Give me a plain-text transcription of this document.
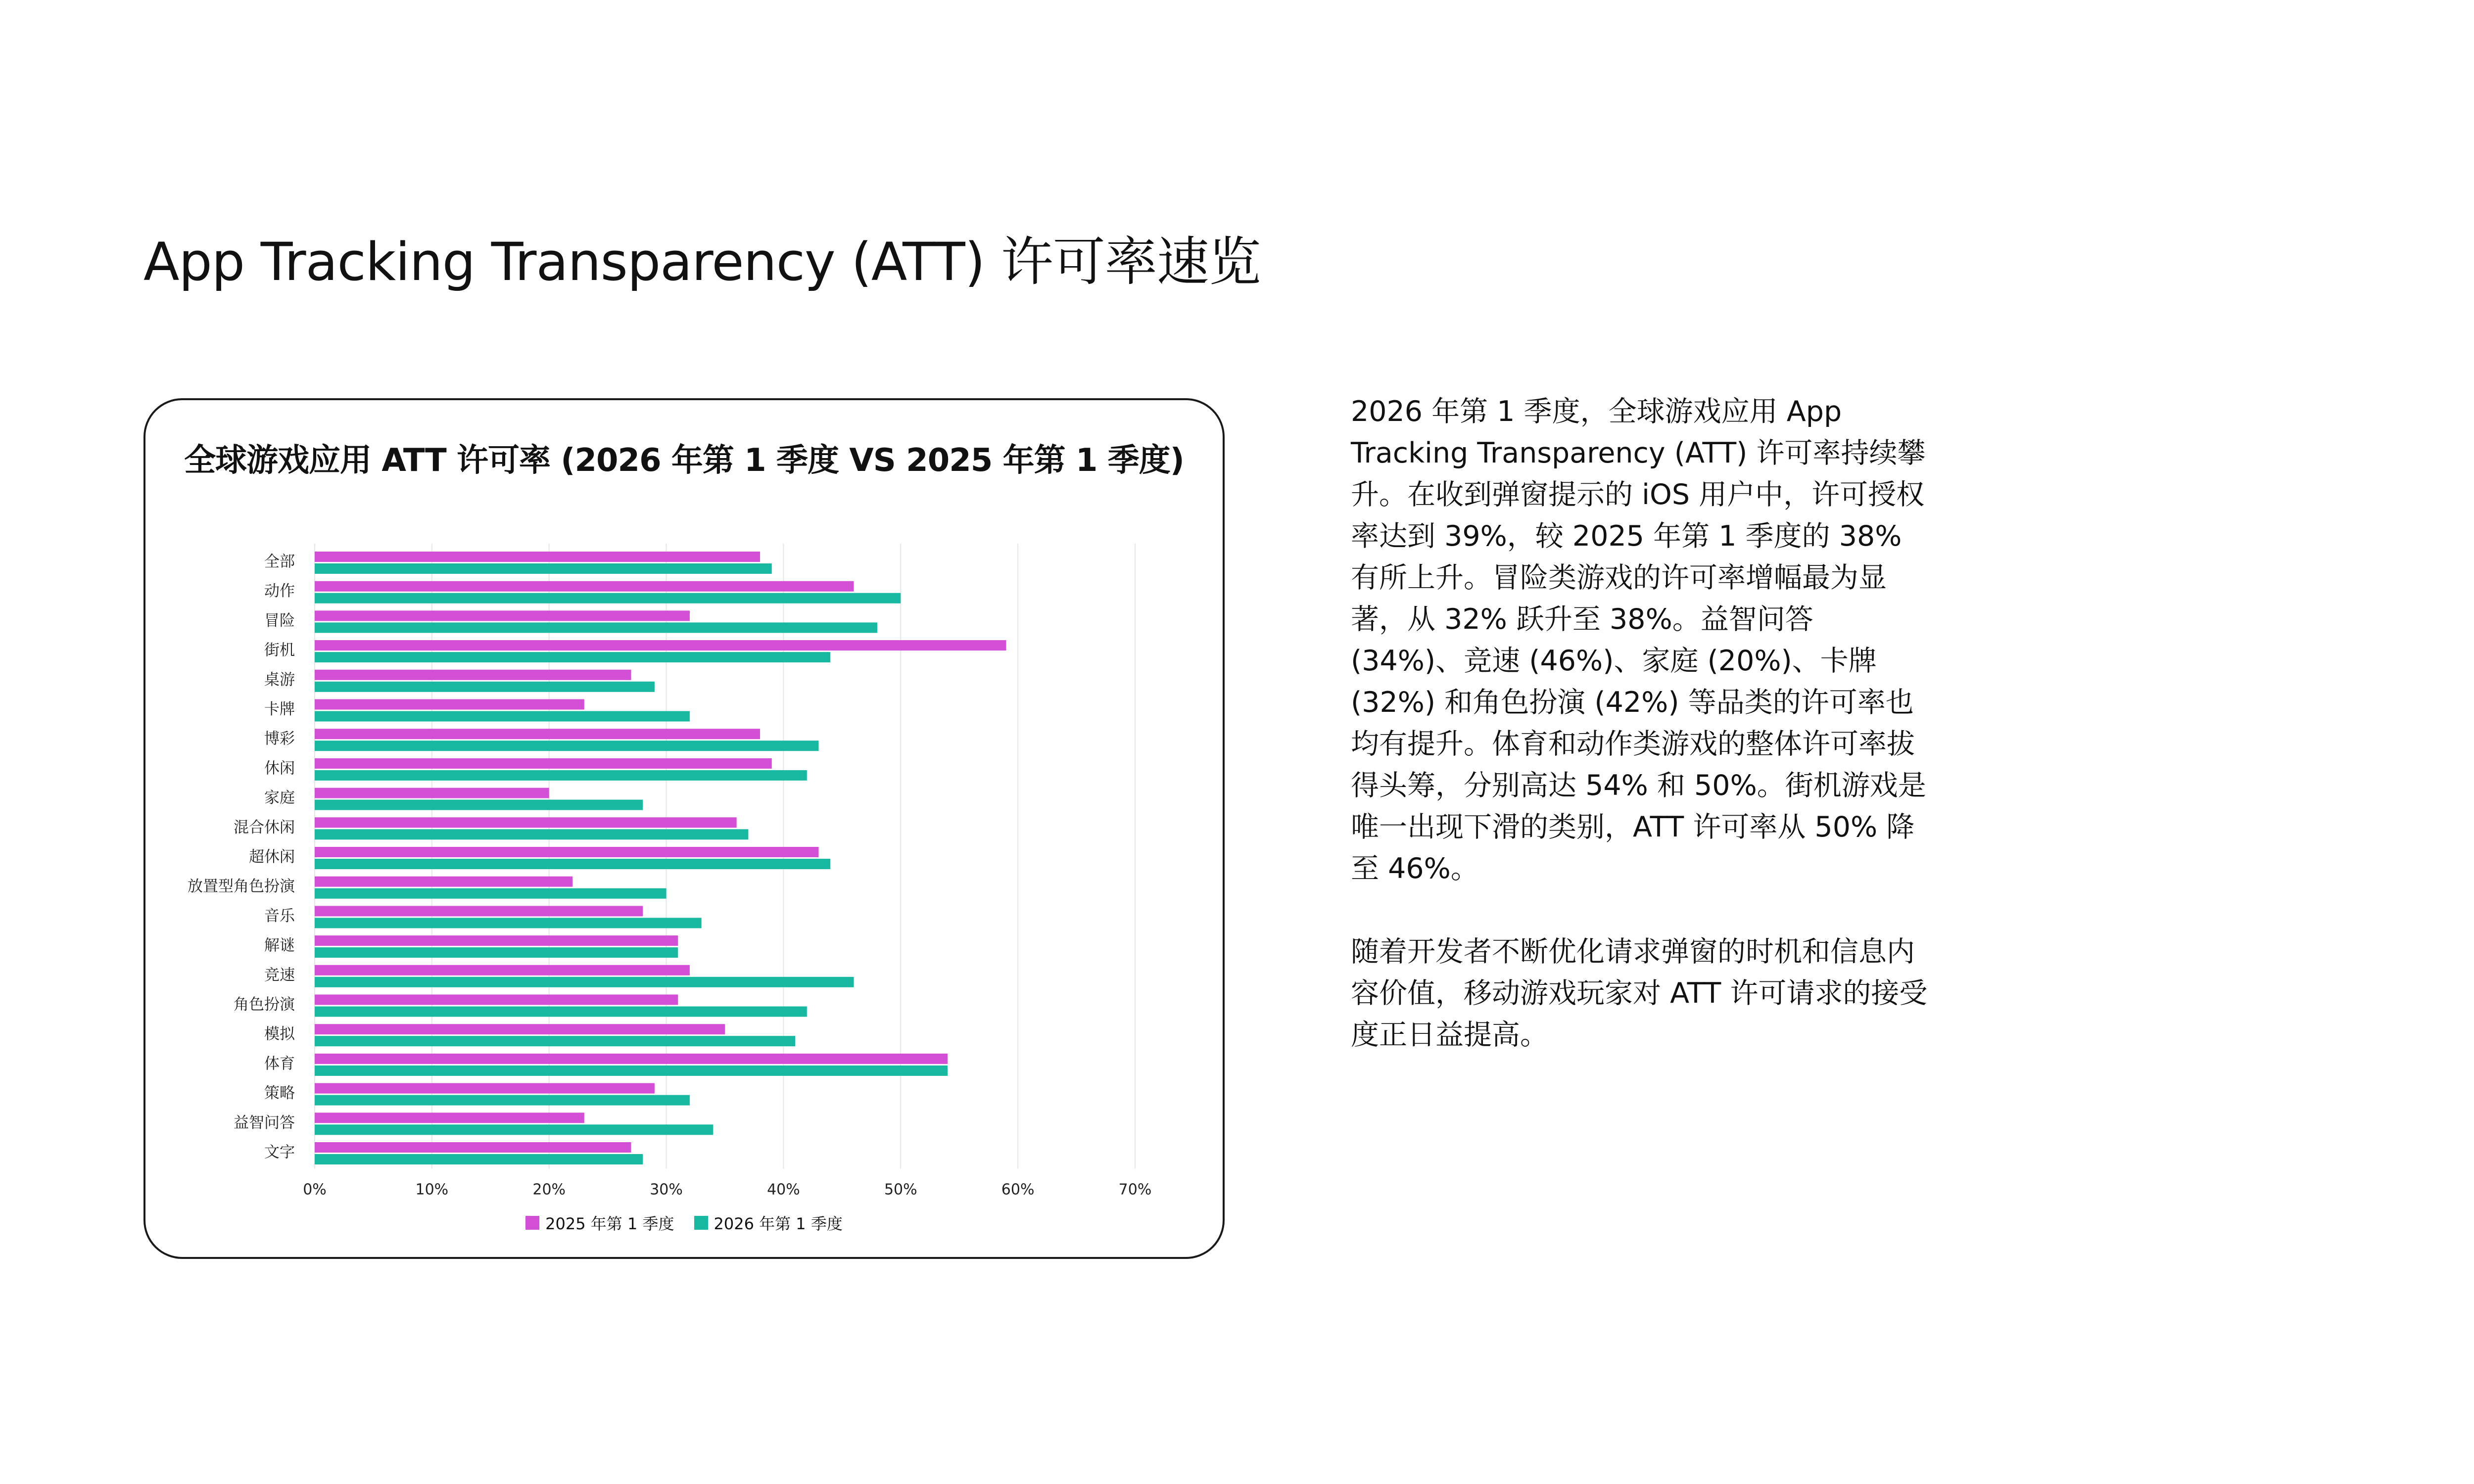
App Tracking Transparency (ATT) 许可率速览
全球游戏应用 ATT 许可率 (2026 年第 1 季度 VS 2025 年第 1 季度)
0%	10%	20%	30%	40%	50%	60%	70%
全部
动作
冒险
街机
桌游
卡牌
博彩
休闲
家庭
混合休闲
超休闲
放置型角色扮演
音乐
解谜
竞速
角色扮演
模拟
体育
策略
益智问答
文字
2025 年第 1 季度	2026 年第 1 季度

2026 年第 1 季度，全球游戏应用 App Tracking Transparency (ATT) 许可率持续攀升。在收到弹窗提示的 iOS 用户中，许可授权率达到 39%，较 2025 年第 1 季度的 38% 有所上升。冒险类游戏的许可率增幅最为显著，从 32% 跃升至 38%。益智问答 (34%)、竞速 (46%)、家庭 (20%)、卡牌 (32%) 和角色扮演 (42%) 等品类的许可率也均有提升。体育和动作类游戏的整体许可率拔得头筹，分别高达 54% 和 50%。街机游戏是唯一出现下滑的类别，ATT 许可率从 50% 降至 46%。

随着开发者不断优化请求弹窗的时机和信息内容价值，移动游戏玩家对 ATT 许可请求的接受度正日益提高。
